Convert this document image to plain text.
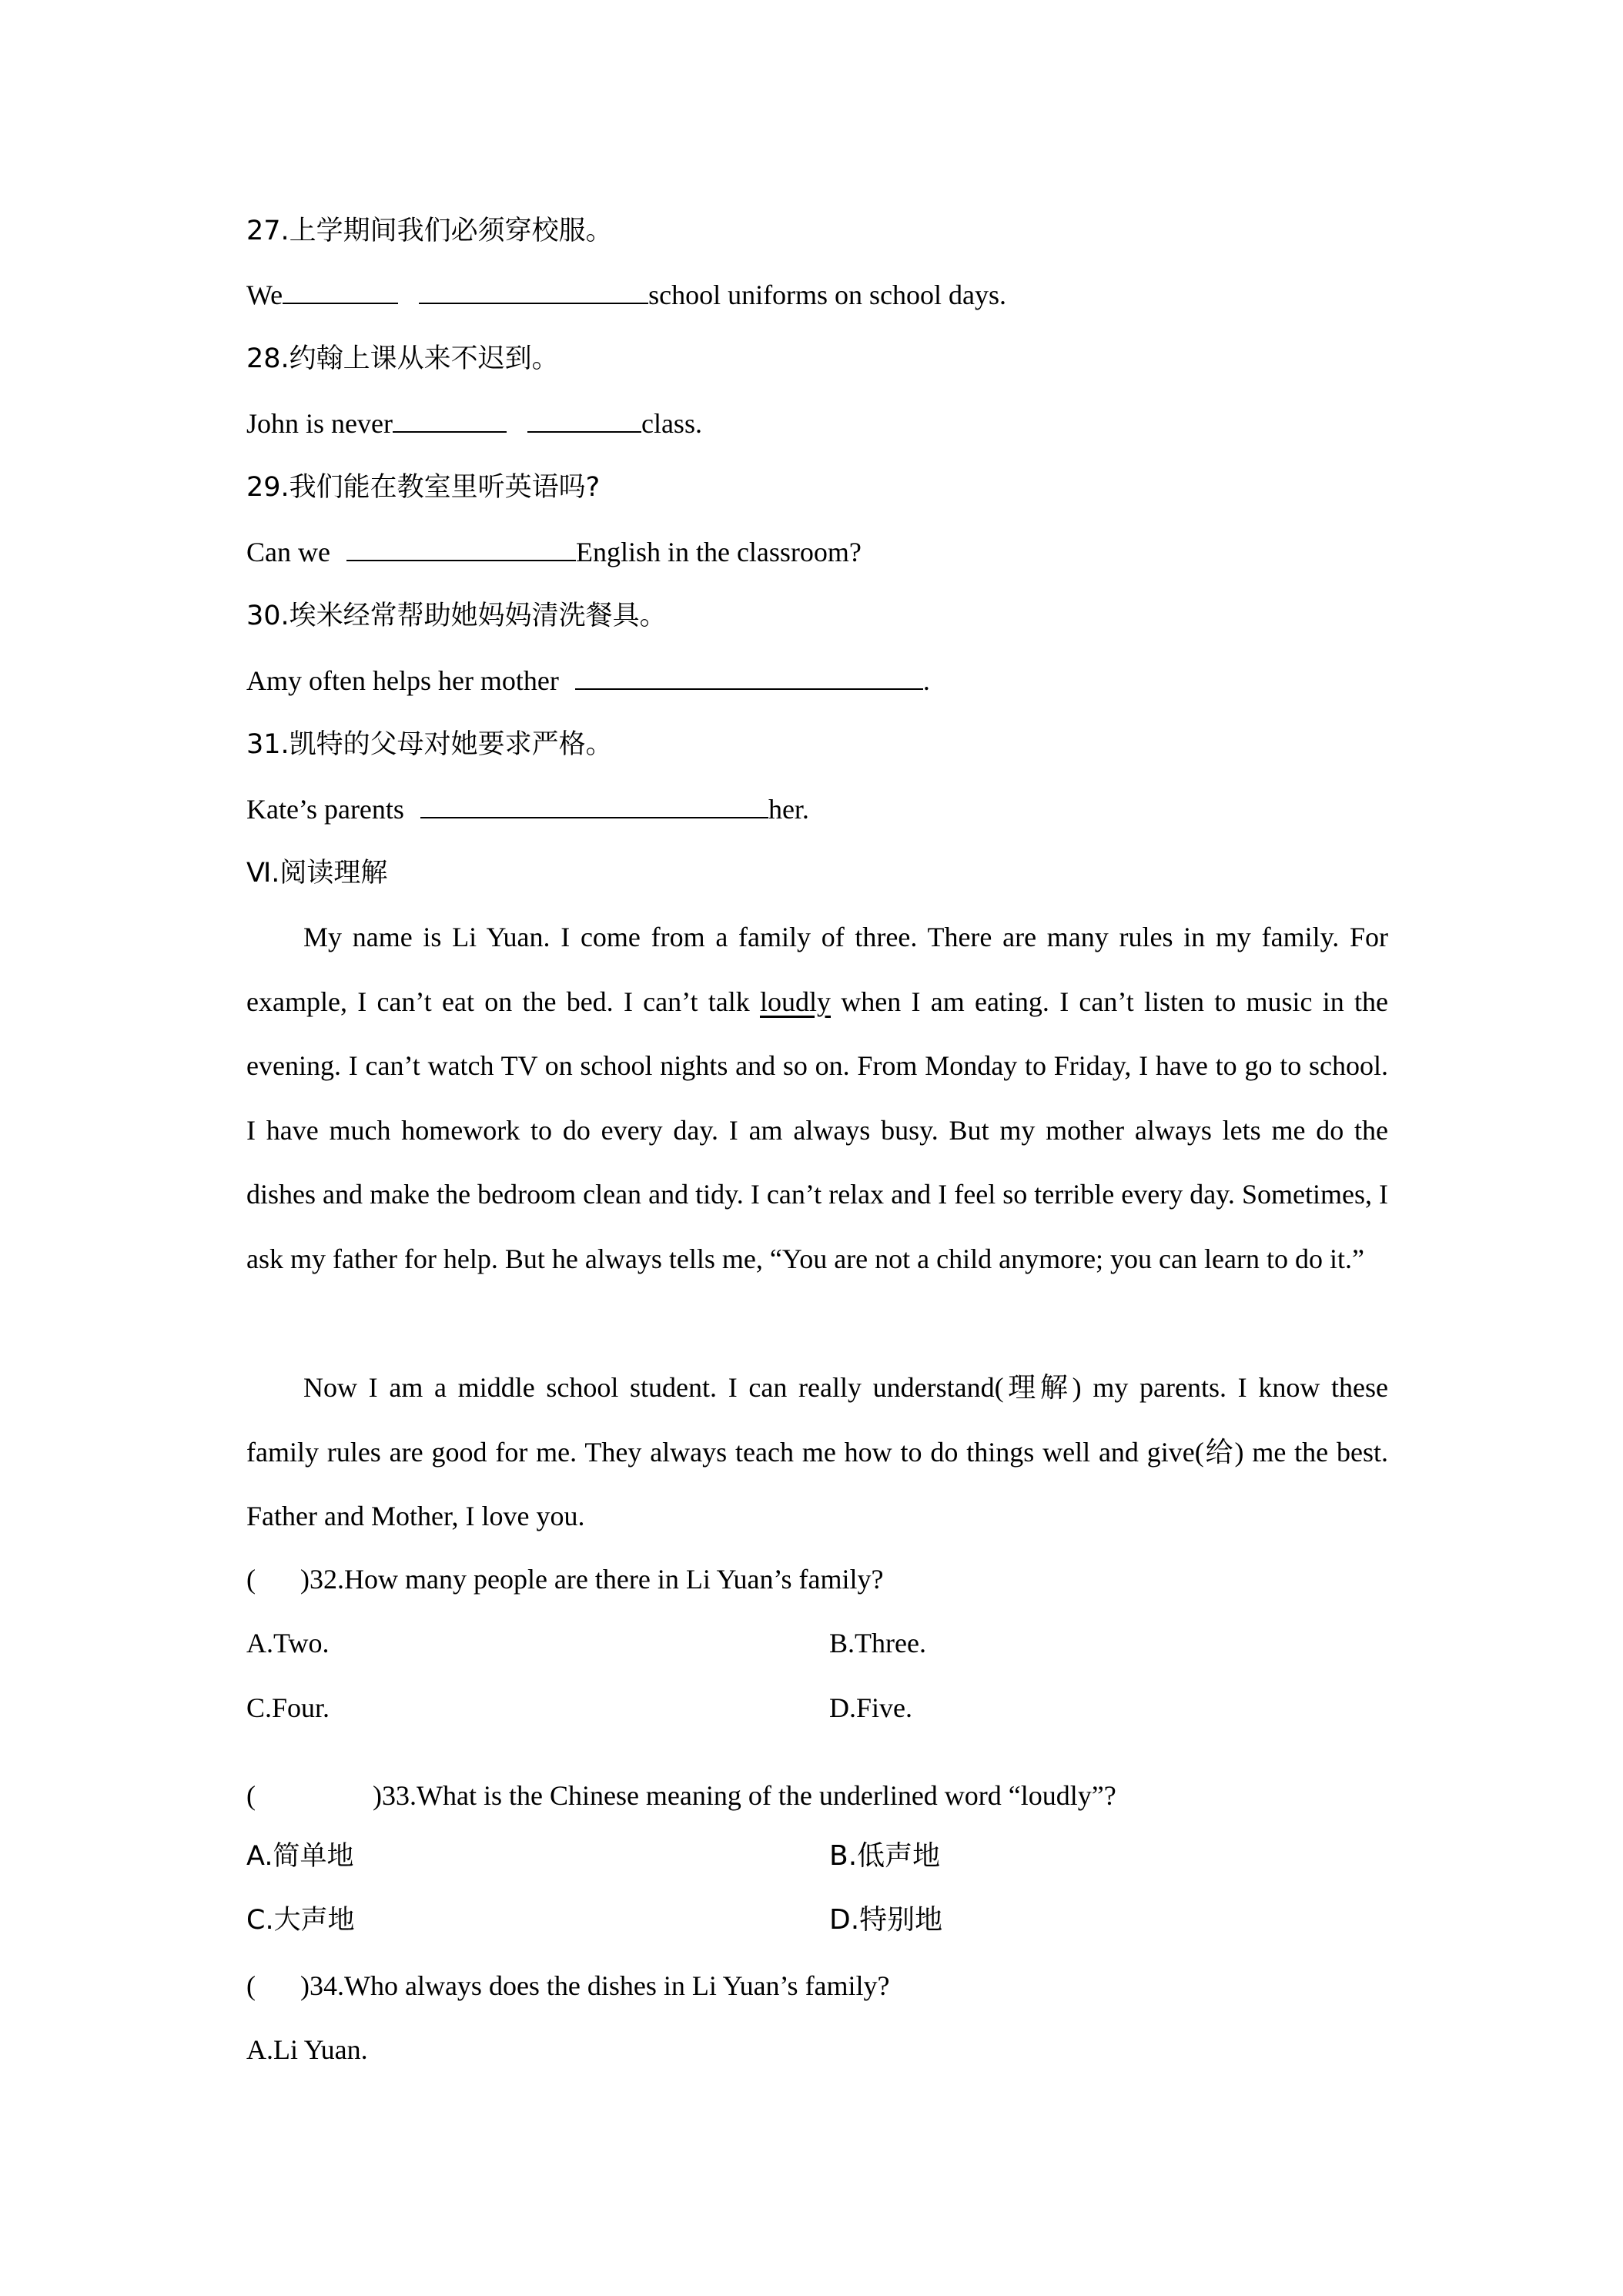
27.上学期间我们必须穿校服。
We	school uniforms on school days.
28.约翰上课从来不迟到。
John is never	class.
29.我们能在教室里听英语吗?
Can we	English in the classroom?
30.埃米经常帮助她妈妈清洗餐具。
Amy often helps her mother	.
31.凯特的父母对她要求严格。
Kate’s parents	her.
Ⅵ.阅读理解
My name is Li Yuan. I come from a family of three. There are many rules in my family. For example, I can’t eat on the bed. I can’t talk loudly when I am eating. I can’t listen to music in the evening. I can’t watch TV on school nights and so on. From Monday to Friday, I have to go to school. I have much homework to do every day. I am always busy. But my mother always lets me do the dishes and make the bedroom clean and tidy. I can’t relax and I feel so terrible every day. Sometimes, I ask my father for help. But he always tells me, “You are not a child anymore; you can learn to do it.”
Now I am a middle school student. I can really understand(理解) my parents. I know these family rules are good for me. They always teach me how to do things well and give(给) me the best. Father and Mother, I love you.
( )32.How many people are there in Li Yuan’s family?
A.Two.	B.Three.
C.Four.	D.Five.
(	)33.What is the Chinese meaning of the underlined word “loudly”?
A.简单地	B.低声地
C.大声地	D.特别地
( )34.Who always does the dishes in Li Yuan’s family?
A.Li Yuan.
